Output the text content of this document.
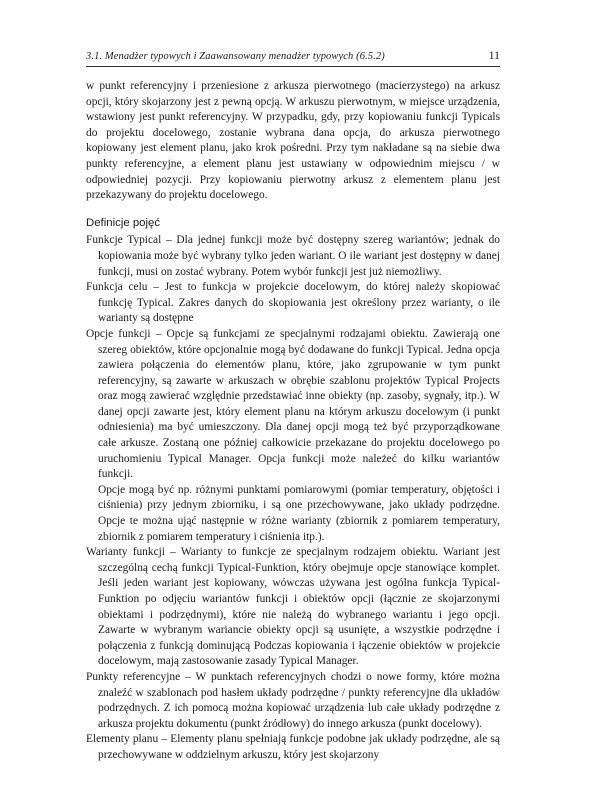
3.1. Menadżer typowych i Zaawansowany menadżer typowych (6.5.2)	11

w punkt referencyjny i przeniesione z arkusza pierwotnego (macierzystego) na arkusz opcji, który skojarzony jest z pewną opcją. W arkuszu pierwotnym, w miejsce urządzenia, wstawiony jest punkt referencyjny. W przypadku, gdy, przy kopiowaniu funkcji Typicals do projektu docelowego, zostanie wybrana dana opcja, do arkusza pierwotnego kopiowany jest element planu, jako krok pośredni. Przy tym nakładane są na siebie dwa punkty referencyjne, a element planu jest ustawiany w odpowiednim miejscu / w odpowiedniej pozycji. Przy kopiowaniu pierwotny arkusz z elementem planu jest przekazywany do projektu docelowego.

Definicje pojęć

Funkcje Typical – Dla jednej funkcji może być dostępny szereg wariantów; jednak do kopiowania może być wybrany tylko jeden wariant. O ile wariant jest dostępny w danej funkcji, musi on zostać wybrany. Potem wybór funkcji jest już niemożliwy.

Funkcja celu – Jest to funkcja w projekcie docelowym, do której należy skopiować funkcję Typical. Zakres danych do skopiowania jest określony przez warianty, o ile warianty są dostępne

Opcje funkcji – Opcje są funkcjami ze specjalnymi rodzajami obiektu. Zawierają one szereg obiektów, które opcjonalnie mogą być dodawane do funkcji Typical. Jedna opcja zawiera połączenia do elementów planu, które, jako zgrupowanie w tym punkt referencyjny, są zawarte w arkuszach w obrębie szablonu projektów Typical Projects oraz mogą zawierać względnie przedstawiać inne obiekty (np. zasoby, sygnały, itp.). W danej opcji zawarte jest, który element planu na którym arkuszu docelowym (i punkt odniesienia) ma być umieszczony. Dla danej opcji mogą też być przyporządkowane całe arkusze. Zostaną one później całkowicie przekazane do projektu docelowego po uruchomieniu Typical Manager. Opcja funkcji może należeć do kilku wariantów funkcji.
Opcje mogą być np. różnymi punktami pomiarowymi (pomiar temperatury, objętości i ciśnienia) przy jednym zbiorniku, i są one przechowywane, jako układy podrzędne. Opcje te można ująć następnie w różne warianty (zbiornik z pomiarem temperatury, zbiornik z pomiarem temperatury i ciśnienia itp.).

Warianty funkcji – Warianty to funkcje ze specjalnym rodzajem obiektu. Wariant jest szczególną cechą funkcji Typical-Funktion, który obejmuje opcje stanowiące komplet. Jeśli jeden wariant jest kopiowany, wówczas używana jest ogólna funkcja Typical-Funktion po odjęciu wariantów funkcji i obiektów opcji (łącznie ze skojarzonymi obiektami i podrzędnymi), które nie należą do wybranego wariantu i jego opcji. Zawarte w wybranym wariancie obiekty opcji są usunięte, a wszystkie podrzędne i połączenia z funkcją dominującą Podczas kopiowania i łączenie obiektów w projekcie docelowym, mają zastosowanie zasady Typical Manager.

Punkty referencyjne – W punktach referencyjnych chodzi o nowe formy, które można znaleźć w szablonach pod hasłem układy podrzędne / punkty referencyjne dla układów podrzędnych. Z ich pomocą można kopiować urządzenia lub całe układy podrzędne z arkusza projektu dokumentu (punkt źródłowy) do innego arkusza (punkt docelowy).

Elementy planu – Elementy planu spełniają funkcje podobne jak układy podrzędne, ale są przechowywane w oddzielnym arkuszu, który jest skojarzony
